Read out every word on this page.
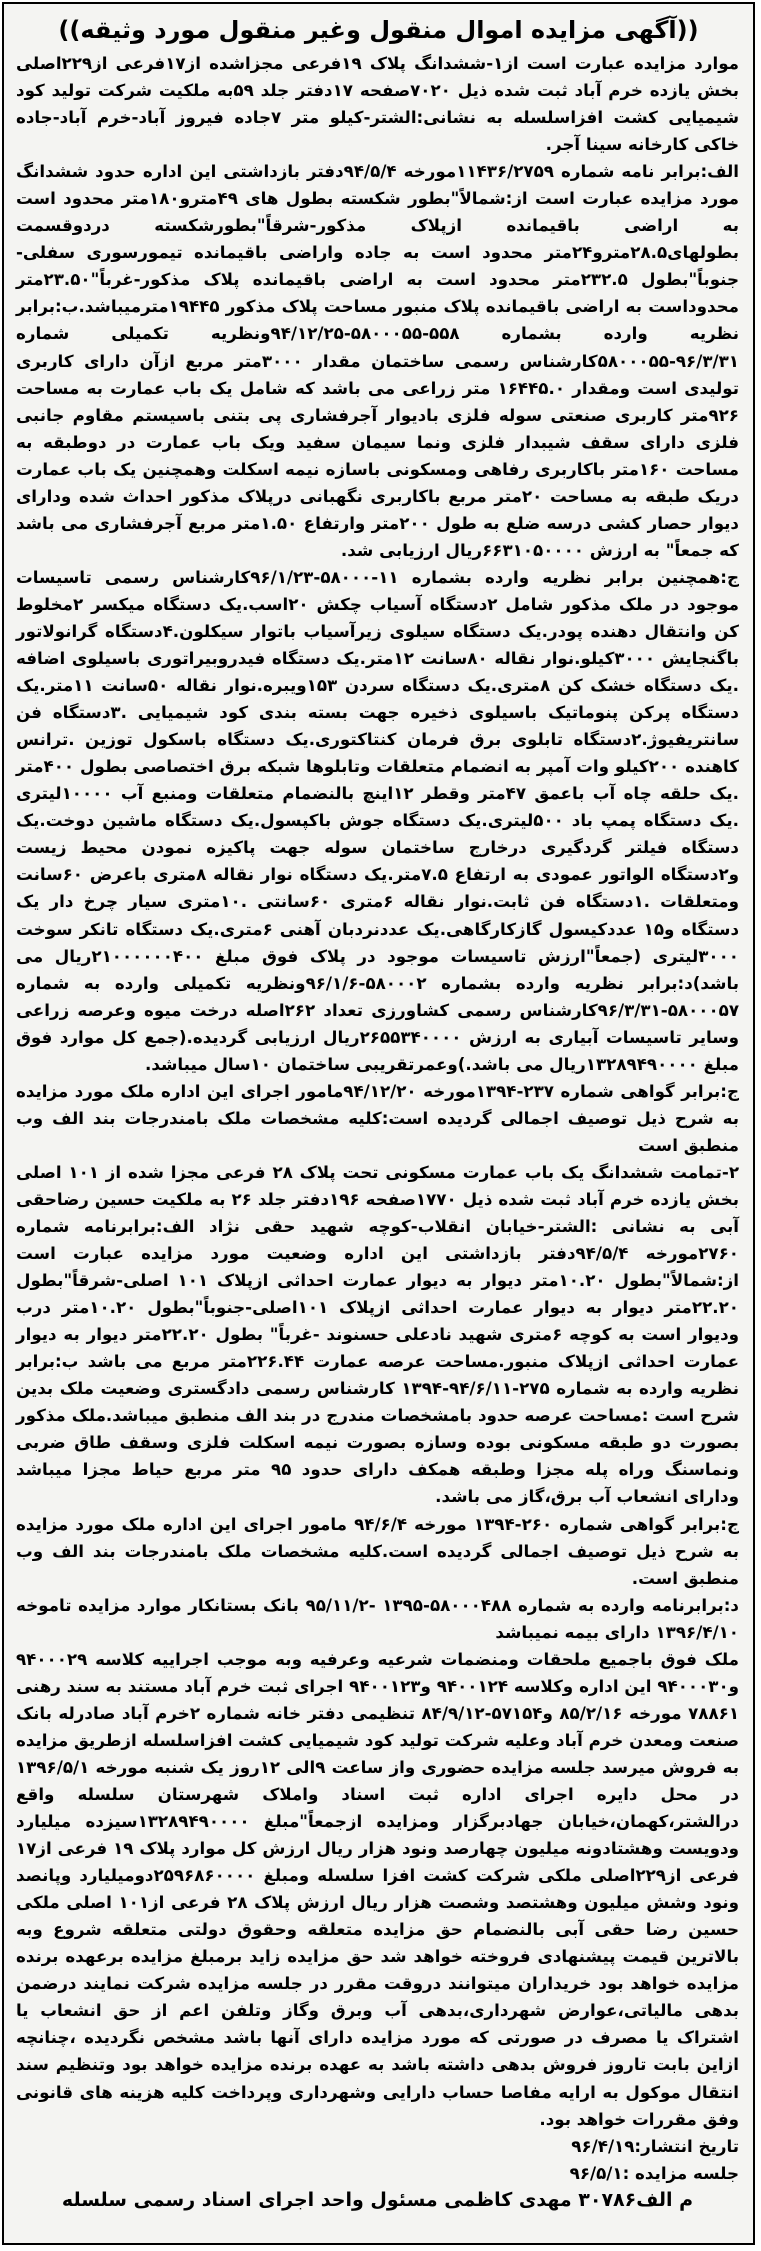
((آگهی مزایده اموال منقول وغیر منقول مورد وثیقه))

موارد مزایده عبارت است از۱-ششدانگ پلاک ۱۹فرعی مجزاشده از۱۷فرعی از۲۲۹اصلی بخش یازده خرم آباد ثبت شده ذیل ۷۰۲۰صفحه ۱۷دفتر جلد ۵۹به ملکیت شرکت تولید کود شیمیایی کشت افزاسلسله به نشانی:الشتر-کیلو متر ۷جاده فیروز آباد-خرم آباد-جاده خاکی کارخانه سینا آجر.

الف:برابر نامه شماره ۱۱۴۳۶/۲۷۵۹مورخه ۹۴/۵/۴دفتر بازداشتی این اداره حدود ششدانگ مورد مزایده عبارت است از:شمالاً"بطور شکسته بطول های ۴۹مترو۱۸۰متر محدود است به اراضی باقیمانده ازپلاک مذکور-شرقاً"بطورشکسته دردوقسمت بطولهای۲۸.۵مترو۲۴متر محدود است به جاده واراضی باقیمانده تیمورسوری سفلی-جنوباً"بطول ۲۳۲.۵متر محدود است به اراضی باقیمانده پلاک مذکور-غرباً"۲۳.۵۰متر محدوداست به اراضی باقیمانده پلاک منبور مساحت پلاک مذکور ۱۹۴۴۵مترمیباشد.ب:برابر نظریه وارده بشماره ۵۵۸-۵۸۰۰۰۵۵-۹۴/۱۲/۲۵ونظریه تکمیلی شماره ۹۶/۳/۳۱-۵۸۰۰۰۵۵کارشناس رسمی ساختمان مقدار ۳۰۰۰متر مربع ازآن دارای کاربری تولیدی است ومقدار ۱۶۴۴۵.۰ متر زراعی می باشد که شامل یک باب عمارت به مساحت ۹۲۶متر کاربری صنعتی سوله فلزی بادیوار آجرفشاری پی بتنی باسیستم مقاوم جانبی فلزی دارای سقف شیبدار فلزی ونما سیمان سفید ویک باب عمارت در دوطبقه به مساحت ۱۶۰متر باکاربری رفاهی ومسکونی باسازه نیمه اسکلت وهمچنین یک باب عمارت دریک طبقه به مساحت ۲۰متر مربع باکاربری نگهبانی درپلاک مذکور احداث شده ودارای دیوار حصار کشی درسه ضلع به طول ۲۰۰متر وارتفاع ۱.۵۰متر مربع آجرفشاری می باشد که جمعاً" به ارزش ۶۶۳۱۰۵۰۰۰۰ریال ارزیابی شد.

ج:همچنین برابر نظریه وارده بشماره ۱۱-۵۸۰۰۰-۹۶/۱/۲۳کارشناس رسمی تاسیسات موجود در ملک مذکور شامل ۲دستگاه آسیاب چکش ۲۰اسب.یک دستگاه میکسر ۲مخلوط کن وانتقال دهنده پودر.یک دستگاه سیلوی زیرآسیاب باتوار سیکلون.۴دستگاه گرانولاتور باگنجایش ۳۰۰۰کیلو.نوار نقاله ۸۰سانت ۱۲متر.یک دستگاه فیدروبیراتوری باسیلوی اضافه .یک دستگاه خشک کن ۸متری.یک دستگاه سردن ۱۵۳ویبره.نوار نقاله ۵۰سانت ۱۱متر.یک دستگاه پرکن پنوماتیک باسیلوی ذخیره جهت بسته بندی کود شیمیایی .۳دستگاه فن سانتریفیوژ.۲دستگاه تابلوی برق فرمان کنتاکتوری.یک دستگاه باسکول توزین .ترانس کاهنده ۲۰۰کیلو وات آمپر به انضمام متعلقات وتابلوها شبکه برق اختصاصی بطول ۴۰۰متر .یک حلقه چاه آب باعمق ۴۷متر وقطر ۱۲اینچ بالنضمام متعلقات ومنبع آب ۱۰۰۰۰لیتری .یک دستگاه پمپ باد ۵۰۰لیتری.یک دستگاه جوش باکپسول.یک دستگاه ماشین دوخت.یک دستگاه فیلتر گردگیری درخارج ساختمان سوله جهت پاکیزه نمودن محیط زیست و۲دستگاه الواتور عمودی به ارتفاع ۷.۵متر.یک دستگاه نوار نقاله ۸متری باعرض ۶۰سانت ومتعلقات .۱دستگاه فن ثابت.نوار نقاله ۶متری ۶۰سانتی .۱۰متری سیار چرخ دار یک دستگاه و۱۵ عددکیسول گازکارگاهی.یک عددنردبان آهنی ۶متری.یک دستگاه تانکر سوخت ۳۰۰۰لیتری (جمعاً"ارزش تاسیسات موجود در پلاک فوق مبلغ ۲۱۰۰۰۰۰۰۴۰۰ریال می باشد)د:برابر نظریه وارده بشماره ۵۸۰۰۰۲-۹۶/۱/۶ونظریه تکمیلی وارده به شماره ۵۸۰۰۰۵۷-۹۶/۳/۳۱کارشناس رسمی کشاورزی تعداد ۲۶۲اصله درخت میوه وعرصه زراعی وسایر تاسیسات آبیاری به ارزش ۲۶۵۵۳۴۰۰۰۰ریال ارزیابی گردیده.(جمع کل موارد فوق مبلغ ۱۳۲۸۹۴۹۰۰۰۰ریال می باشد.)وعمرتقریبی ساختمان ۱۰سال میباشد.

ج:برابر گواهی شماره ۲۳۷-۱۳۹۴مورخه ۹۴/۱۲/۲۰مامور اجرای این اداره ملک مورد مزایده به شرح ذیل توصیف اجمالی گردیده است:کلیه مشخصات ملک بامندرجات بند الف وب منطبق است

۲-تمامت ششدانگ یک باب عمارت مسکونی تحت پلاک ۲۸ فرعی مجزا شده از ۱۰۱ اصلی بخش یازده خرم آباد ثبت شده ذیل ۱۷۷۰صفحه ۱۹۶دفتر جلد ۲۶ به ملکیت حسین رضاحقی آبی به نشانی :الشتر-خیابان انقلاب-کوچه شهید حقی نژاد الف:برابرنامه شماره ۲۷۶۰مورخه ۹۴/۵/۴دفتر بازداشتی این اداره وضعیت مورد مزایده عبارت است از:شمالاً"بطول ۱۰.۲۰متر دیوار به دیوار عمارت احداثی ازپلاک ۱۰۱ اصلی-شرقاً"بطول ۲۲.۲۰متر دیوار به دیوار عمارت احداثی ازپلاک ۱۰۱اصلی-جنوباً"بطول ۱۰.۲۰متر درب ودیوار است به کوچه ۶متری شهید نادعلی حسنوند -غرباً" بطول ۲۲.۲۰متر دیوار به دیوار عمارت احداثی ازپلاک منبور.مساحت عرصه عمارت ۲۲۶.۴۴متر مربع می باشد ب:برابر نظریه وارده به شماره ۲۷۵-۹۴/۶/۱۱-۱۳۹۴ کارشناس رسمی دادگستری وضعیت ملک بدین شرح است :مساحت عرصه حدود بامشخصات مندرج در بند الف منطبق میباشد.ملک مذکور بصورت دو طبقه مسکونی بوده وسازه بصورت نیمه اسکلت فلزی وسقف طاق ضربی ونماسنگ وراه پله مجزا وطبقه همکف دارای حدود ۹۵ متر مربع حیاط مجزا میباشد ودارای انشعاب آب برق،گاز می باشد.

ج:برابر گواهی شماره ۲۶۰-۱۳۹۴ مورخه ۹۴/۶/۴ مامور اجرای این اداره ملک مورد مزایده به شرح ذیل توصیف اجمالی گردیده است.کلیه مشخصات ملک بامندرجات بند الف وب منطبق است.

د:برابرنامه وارده به شماره ۵۸۰۰۰۴۸۸-۱۳۹۵ -۹۵/۱۱/۲ بانک بستانکار موارد مزایده تاموخه ۱۳۹۶/۴/۱۰ دارای بیمه نمیباشد

ملک فوق باجمیع ملحقات ومنضمات شرعیه وعرفیه وبه موجب اجراییه کلاسه ۹۴۰۰۰۲۹ و۹۴۰۰۰۳۰ این اداره وکلاسه ۹۴۰۰۱۲۴ و۹۴۰۰۱۲۳ اجرای ثبت خرم آباد مستند به سند رهنی ۷۸۸۶۱ مورخه ۸۵/۲/۱۶ و۵۷۱۵۴-۸۴/۹/۱۲ تنظیمی دفتر خانه شماره ۲خرم آباد صادرله بانک صنعت ومعدن خرم آباد وعلیه شرکت تولید کود شیمیایی کشت افزاسلسله ازطریق مزایده به فروش میرسد جلسه مزایده حضوری واز ساعت ۹الی ۱۲روز یک شنبه مورخه ۱۳۹۶/۵/۱ در محل دایره اجرای اداره ثبت اسناد واملاک شهرستان سلسله واقع درالشتر،کهمان،خیابان جهادبرگزار ومزایده ازجمعاً"مبلغ ۱۳۲۸۹۴۹۰۰۰۰سیزده میلیارد ودویست وهشتادونه میلیون چهارصد ونود هزار ریال ارزش کل موارد پلاک ۱۹ فرعی از۱۷ فرعی از۲۲۹اصلی ملکی شرکت کشت افزا سلسله ومبلغ ۲۵۹۶۸۶۰۰۰۰دومیلیارد وپانصد ونود وشش میلیون وهشتصد وشصت هزار ریال ارزش پلاک ۲۸ فرعی از۱۰۱ اصلی ملکی حسین رضا حقی آبی بالنضمام حق مزایده متعلقه وحقوق دولتی متعلقه شروع وبه بالاترین قیمت پیشنهادی فروخته خواهد شد حق مزایده زاید برمبلغ مزایده برعهده برنده مزایده خواهد بود خریداران میتوانند دروقت مقرر در جلسه مزایده شرکت نمایند درضمن بدهی مالیاتی،عوارض شهرداری،بدهی آب وبرق وگاز وتلفن اعم از حق انشعاب یا اشتراک یا مصرف در صورتی که مورد مزایده دارای آنها باشد مشخص نگردیده ،چنانچه ازاین بابت تاروز فروش بدهی داشته باشد به عهده برنده مزایده خواهد بود وتنظیم سند انتقال موکول به ارایه مفاصا حساب دارایی وشهرداری وپرداخت کلیه هزینه های قانونی وفق مقررات خواهد بود.

تاریخ انتشار:۹۶/۴/۱۹

جلسه مزایده :۹۶/۵/۱

م الف۳۰۷۸۶ مهدی کاظمی مسئول واحد اجرای اسناد رسمی سلسله
